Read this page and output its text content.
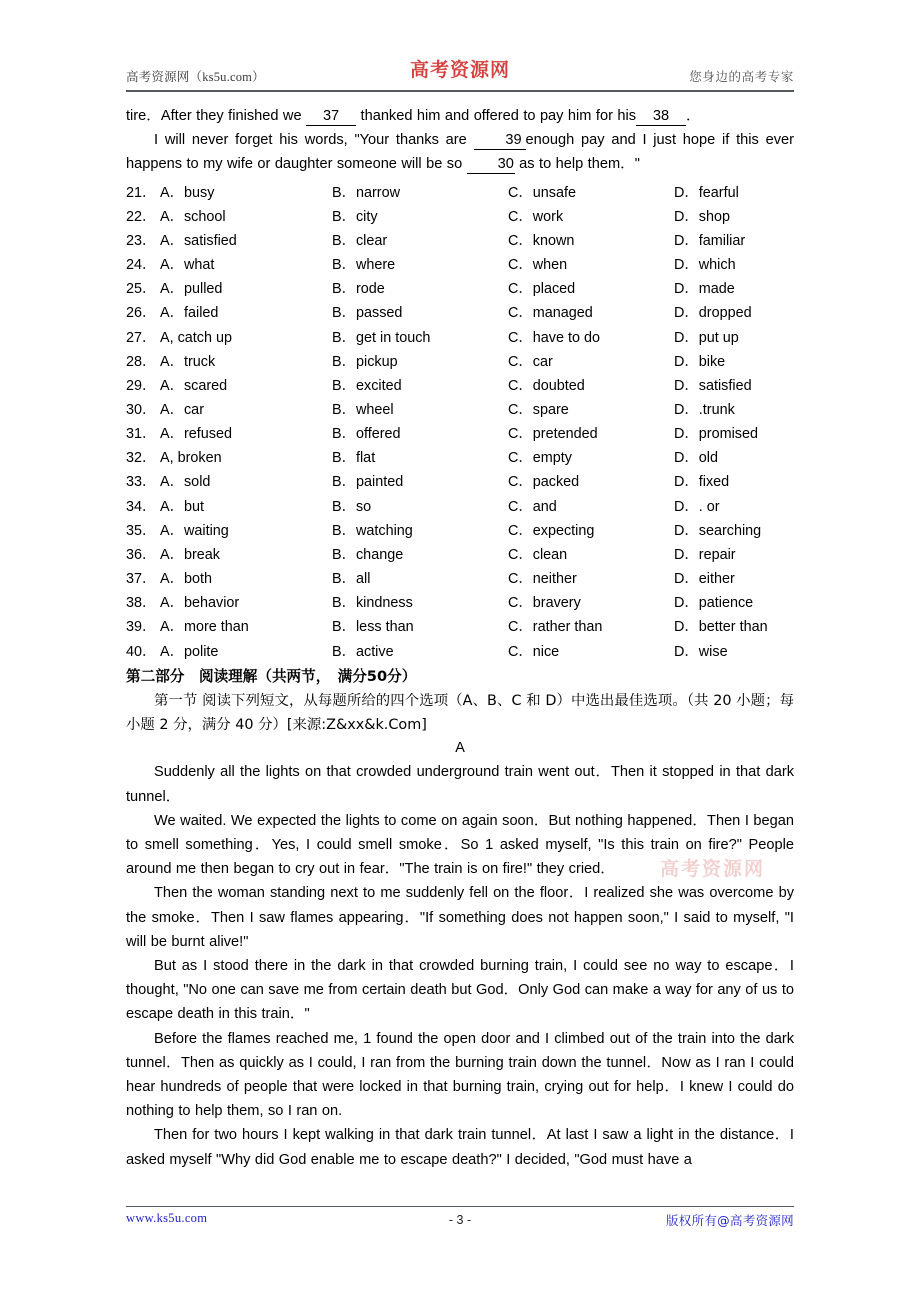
高考资源网（ks5u.com）	高考资源网	您身边的高考专家

tire．After they finished we 37 thanked him and offered to pay him for his 38 ．

I will never forget his words, "Your thanks are	39 enough pay and I just hope if this ever happens to my wife or daughter someone will be so 30 as to help them．"

21． A．busy	B．narrow	C．unsafe	D．fearful
22． A．school	B．city	C．work	D．shop
23． A．satisfied	B．clear	C．known	D．familiar
24． A．what	B．where	C．when	D．which
25． A．pulled	B．rode	C．placed	D．made
26． A．failed	B．passed	C．managed	D．dropped
27． A, catch up	B．get in touch	C．have to do	D．put up
28． A．truck	B．pickup	C．car	D．bike
29． A．scared	B．excited	C．doubted	D．satisfied
30． A．car	B．wheel	C．spare	D．.trunk
31． A．refused	B．offered	C．pretended	D．promised
32． A, broken	B．flat	C．empty	D．old
33． A．sold	B．painted	C．packed	D．fixed
34． A．but	B．so	C．and	D．. or
35． A．waiting	B．watching	C．expecting	D．searching
36． A．break	B．change	C．clean	D．repair
37． A．both	B．all	C．neither	D．either
38． A．behavior	B．kindness	C．bravery	D．patience
39． A．more than	B．less than	C．rather than	D．better than
40． A．polite	B．active	C．nice	D．wise
第二部分　阅读理解（共两节，　满分50分）
第一节 阅读下列短文，从每题所给的四个选项（A、B、C 和 D）中选出最佳选项。（共 20 小题；每小题 2 分，满分 40 分）[来源:Z&xx&k.Com]
A

Suddenly all the lights on that crowded underground train went out．Then it stopped in that dark tunnel．

We waited. We expected the lights to come on again soon．But nothing happened．Then I began to smell something．Yes, I could smell smoke．So 1 asked myself, "Is this train on fire?" People around me then began to cry out in fear．"The train is on fire!" they cried．

Then the woman standing next to me suddenly fell on the floor．I realized she was overcome by the smoke．Then I saw flames appearing．"If something does not happen soon," I said to myself, "I will be burnt alive!"

But as I stood there in the dark in that crowded burning train, I could see no way to escape．I thought, "No one can save me from certain death but God．Only God can make a way for any of us to escape death in this train．"

Before the flames reached me, 1 found the open door and I climbed out of the train into the dark tunnel．Then as quickly as I could, I ran from the burning train down the tunnel．Now as I ran I could hear hundreds of people that were locked in that burning train, crying out for help．I knew I could do nothing to help them, so I ran on.

Then for two hours I kept walking in that dark train tunnel．At last I saw a light in the distance．I asked myself "Why did God enable me to escape death?" I decided, "God must have a

高考资源网
www.ks5u.com	- 3 -	版权所有@高考资源网
